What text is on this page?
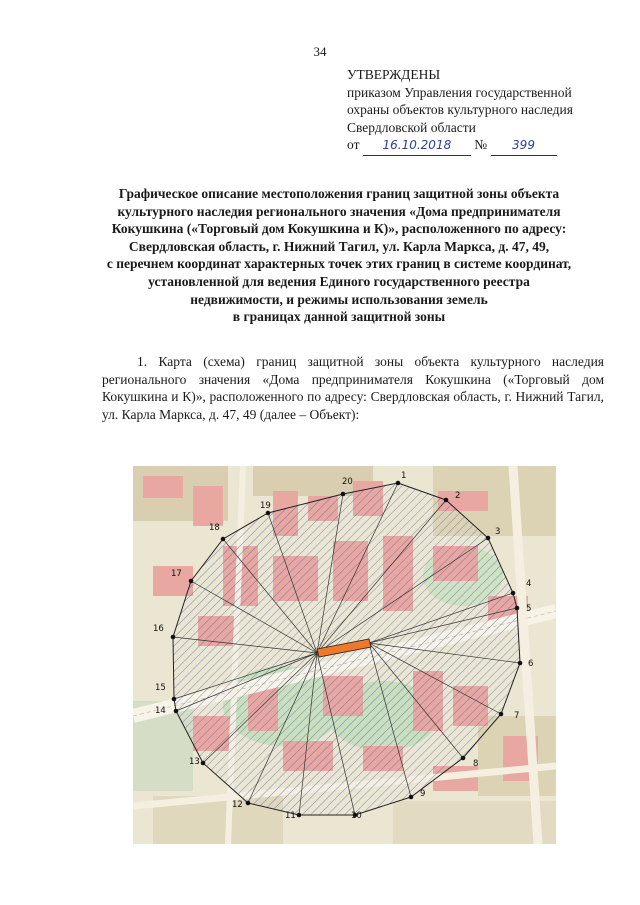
34
УТВЕРЖДЕНЫ
приказом Управления государственной
охраны объектов культурного наследия
Свердловской области
от 16.10.2018 № 399
Графическое описание местоположения границ защитной зоны объекта
культурного наследия регионального значения «Дома предпринимателя
Кокушкина («Торговый дом Кокушкина и К)», расположенного по адресу:
Свердловская область, г. Нижний Тагил, ул. Карла Маркса, д. 47, 49,
с перечнем координат характерных точек этих границ в системе координат,
установленной для ведения Единого государственного реестра
недвижимости, и режимы использования земель
в границах данной защитной зоны
1. Карта (схема) границ защитной зоны объекта культурного наследия регионального значения «Дома предпринимателя Кокушкина («Торговый дом Кокушкина и К)», расположенного по адресу: Свердловская область, г. Нижний Тагил, ул. Карла Маркса, д. 47, 49 (далее – Объект):
1
2
3
4
5
6
7
8
9
10
11
12
13
14
15
16
17
18
19
20
